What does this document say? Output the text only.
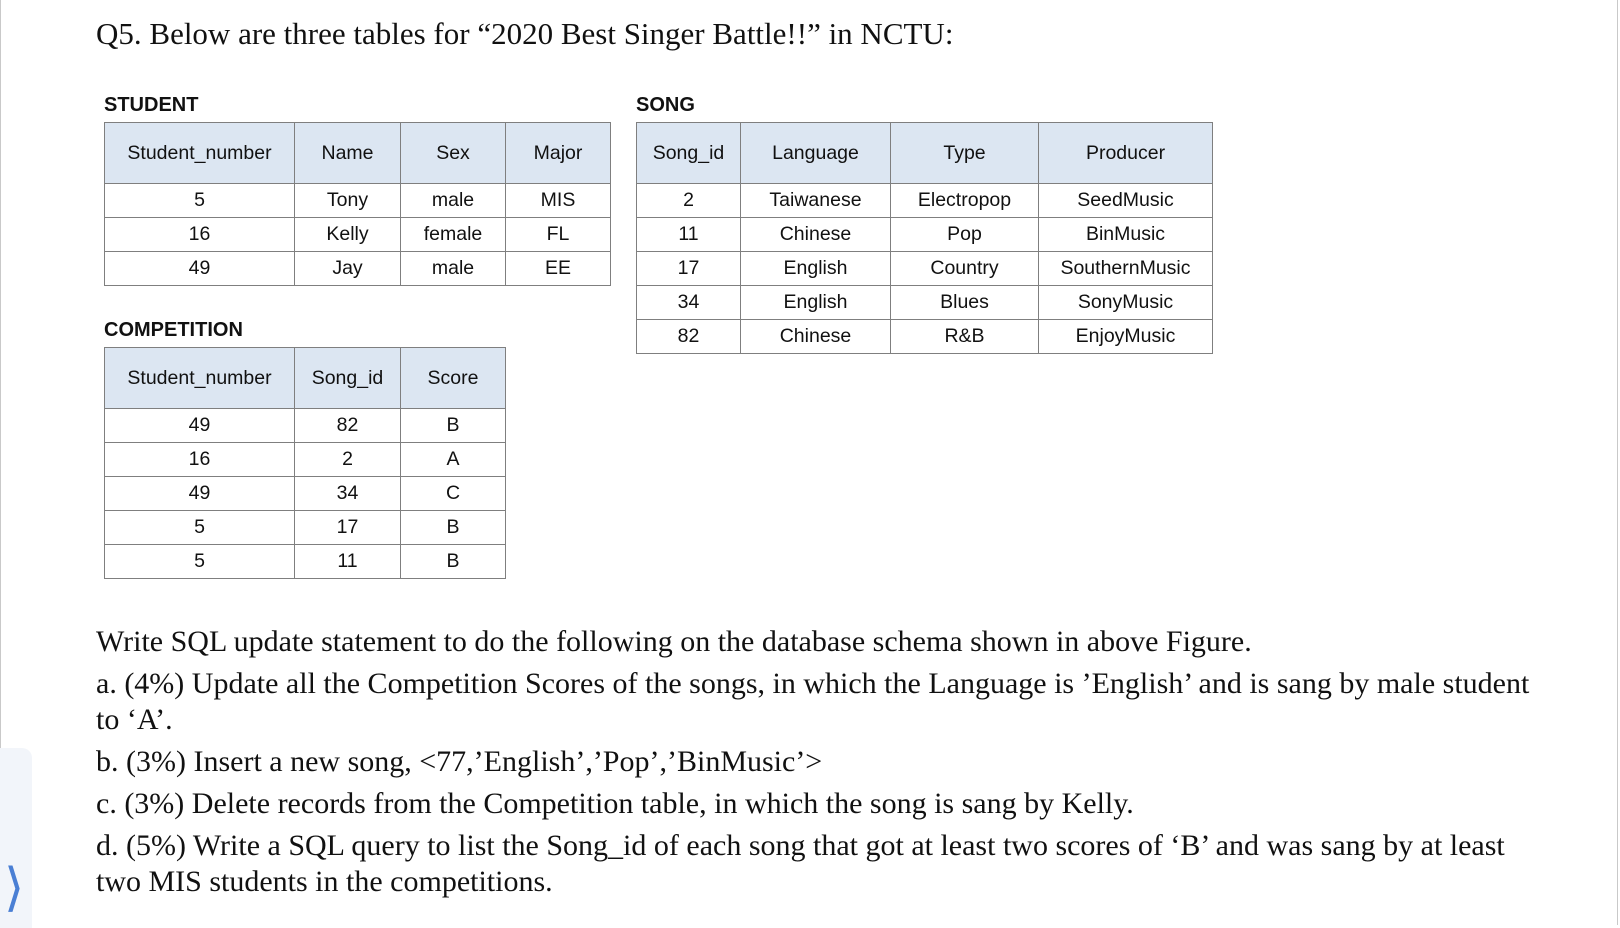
Q5. Below are three tables for “2020 Best Singer Battle!!” in NCTU:
STUDENT
Student_number	Name	Sex	Major
5	Tony	male	MIS
16	Kelly	female	FL
49	Jay	male	EE
SONG
Song_id	Language	Type	Producer
2	Taiwanese	Electropop	SeedMusic
11	Chinese	Pop	BinMusic
17	English	Country	SouthernMusic
34	English	Blues	SonyMusic
82	Chinese	R&B	EnjoyMusic
COMPETITION
Student_number	Song_id	Score
49	82	B
16	2	A
49	34	C
5	17	B
5	11	B

Write SQL update statement to do the following on the database schema shown in above Figure.

a. (4%) Update all the Competition Scores of the songs, in which the Language is ’English’ and is sang by male student to ‘A’.

b. (3%) Insert a new song, <77,’English’,’Pop’,’BinMusic’>

c. (3%) Delete records from the Competition table, in which the song is sang by Kelly.

d. (5%) Write a SQL query to list the Song_id of each song that got at least two scores of ‘B’ and was sang by at least two MIS students in the competitions.

⟩
